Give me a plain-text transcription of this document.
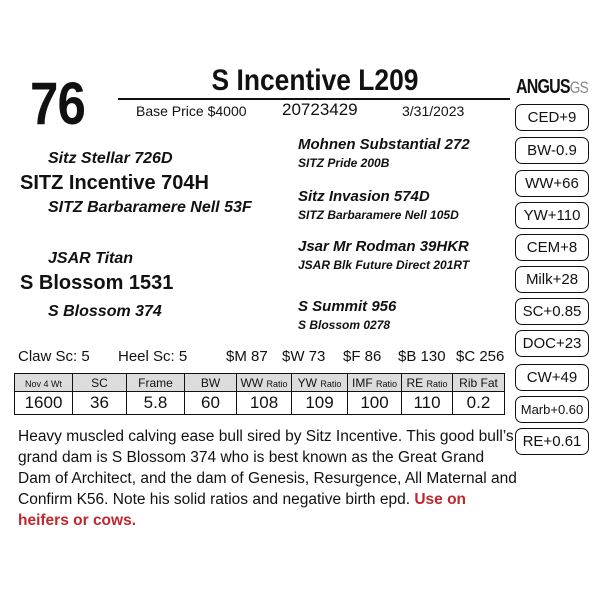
76	S Incentive L209
Base Price $4000 20723429	3/31/2023
Sitz Stellar 726D
SITZ Incentive 704H
SITZ Barbaramere Nell 53F
JSAR Titan
S Blossom 1531
S Blossom 374
Mohnen Substantial 272
SITZ Pride 200B
Sitz Invasion 574D
SITZ Barbaramere Nell 105D
Jsar Mr Rodman 39HKR
JSAR Blk Future Direct 201RT
S Summit 956
S Blossom 0278
Claw Sc: 5 Heel Sc: 5	$M 87 $W 73 $F 86 $B 130 $C 256
Nov 4 Wt	SC	Frame	BW	WW Ratio	YW Ratio	IMF Ratio	RE Ratio	Rib Fat
1600	36	5.8	60	108	109	100	110	0.2
Heavy muscled calving ease bull sired by Sitz Incentive. This good bull’s grand dam is S Blossom 374 who is best known as the Great Grand Dam of Architect, and the dam of Genesis, Resurgence, All Maternal and Confirm K56. Note his solid ratios and negative birth epd. Use on heifers or cows.
ANGUSGS
CED+9
BW-0.9
WW+66
YW+110
CEM+8
Milk+28
SC+0.85
DOC+23
CW+49
Marb+0.60
RE+0.61
